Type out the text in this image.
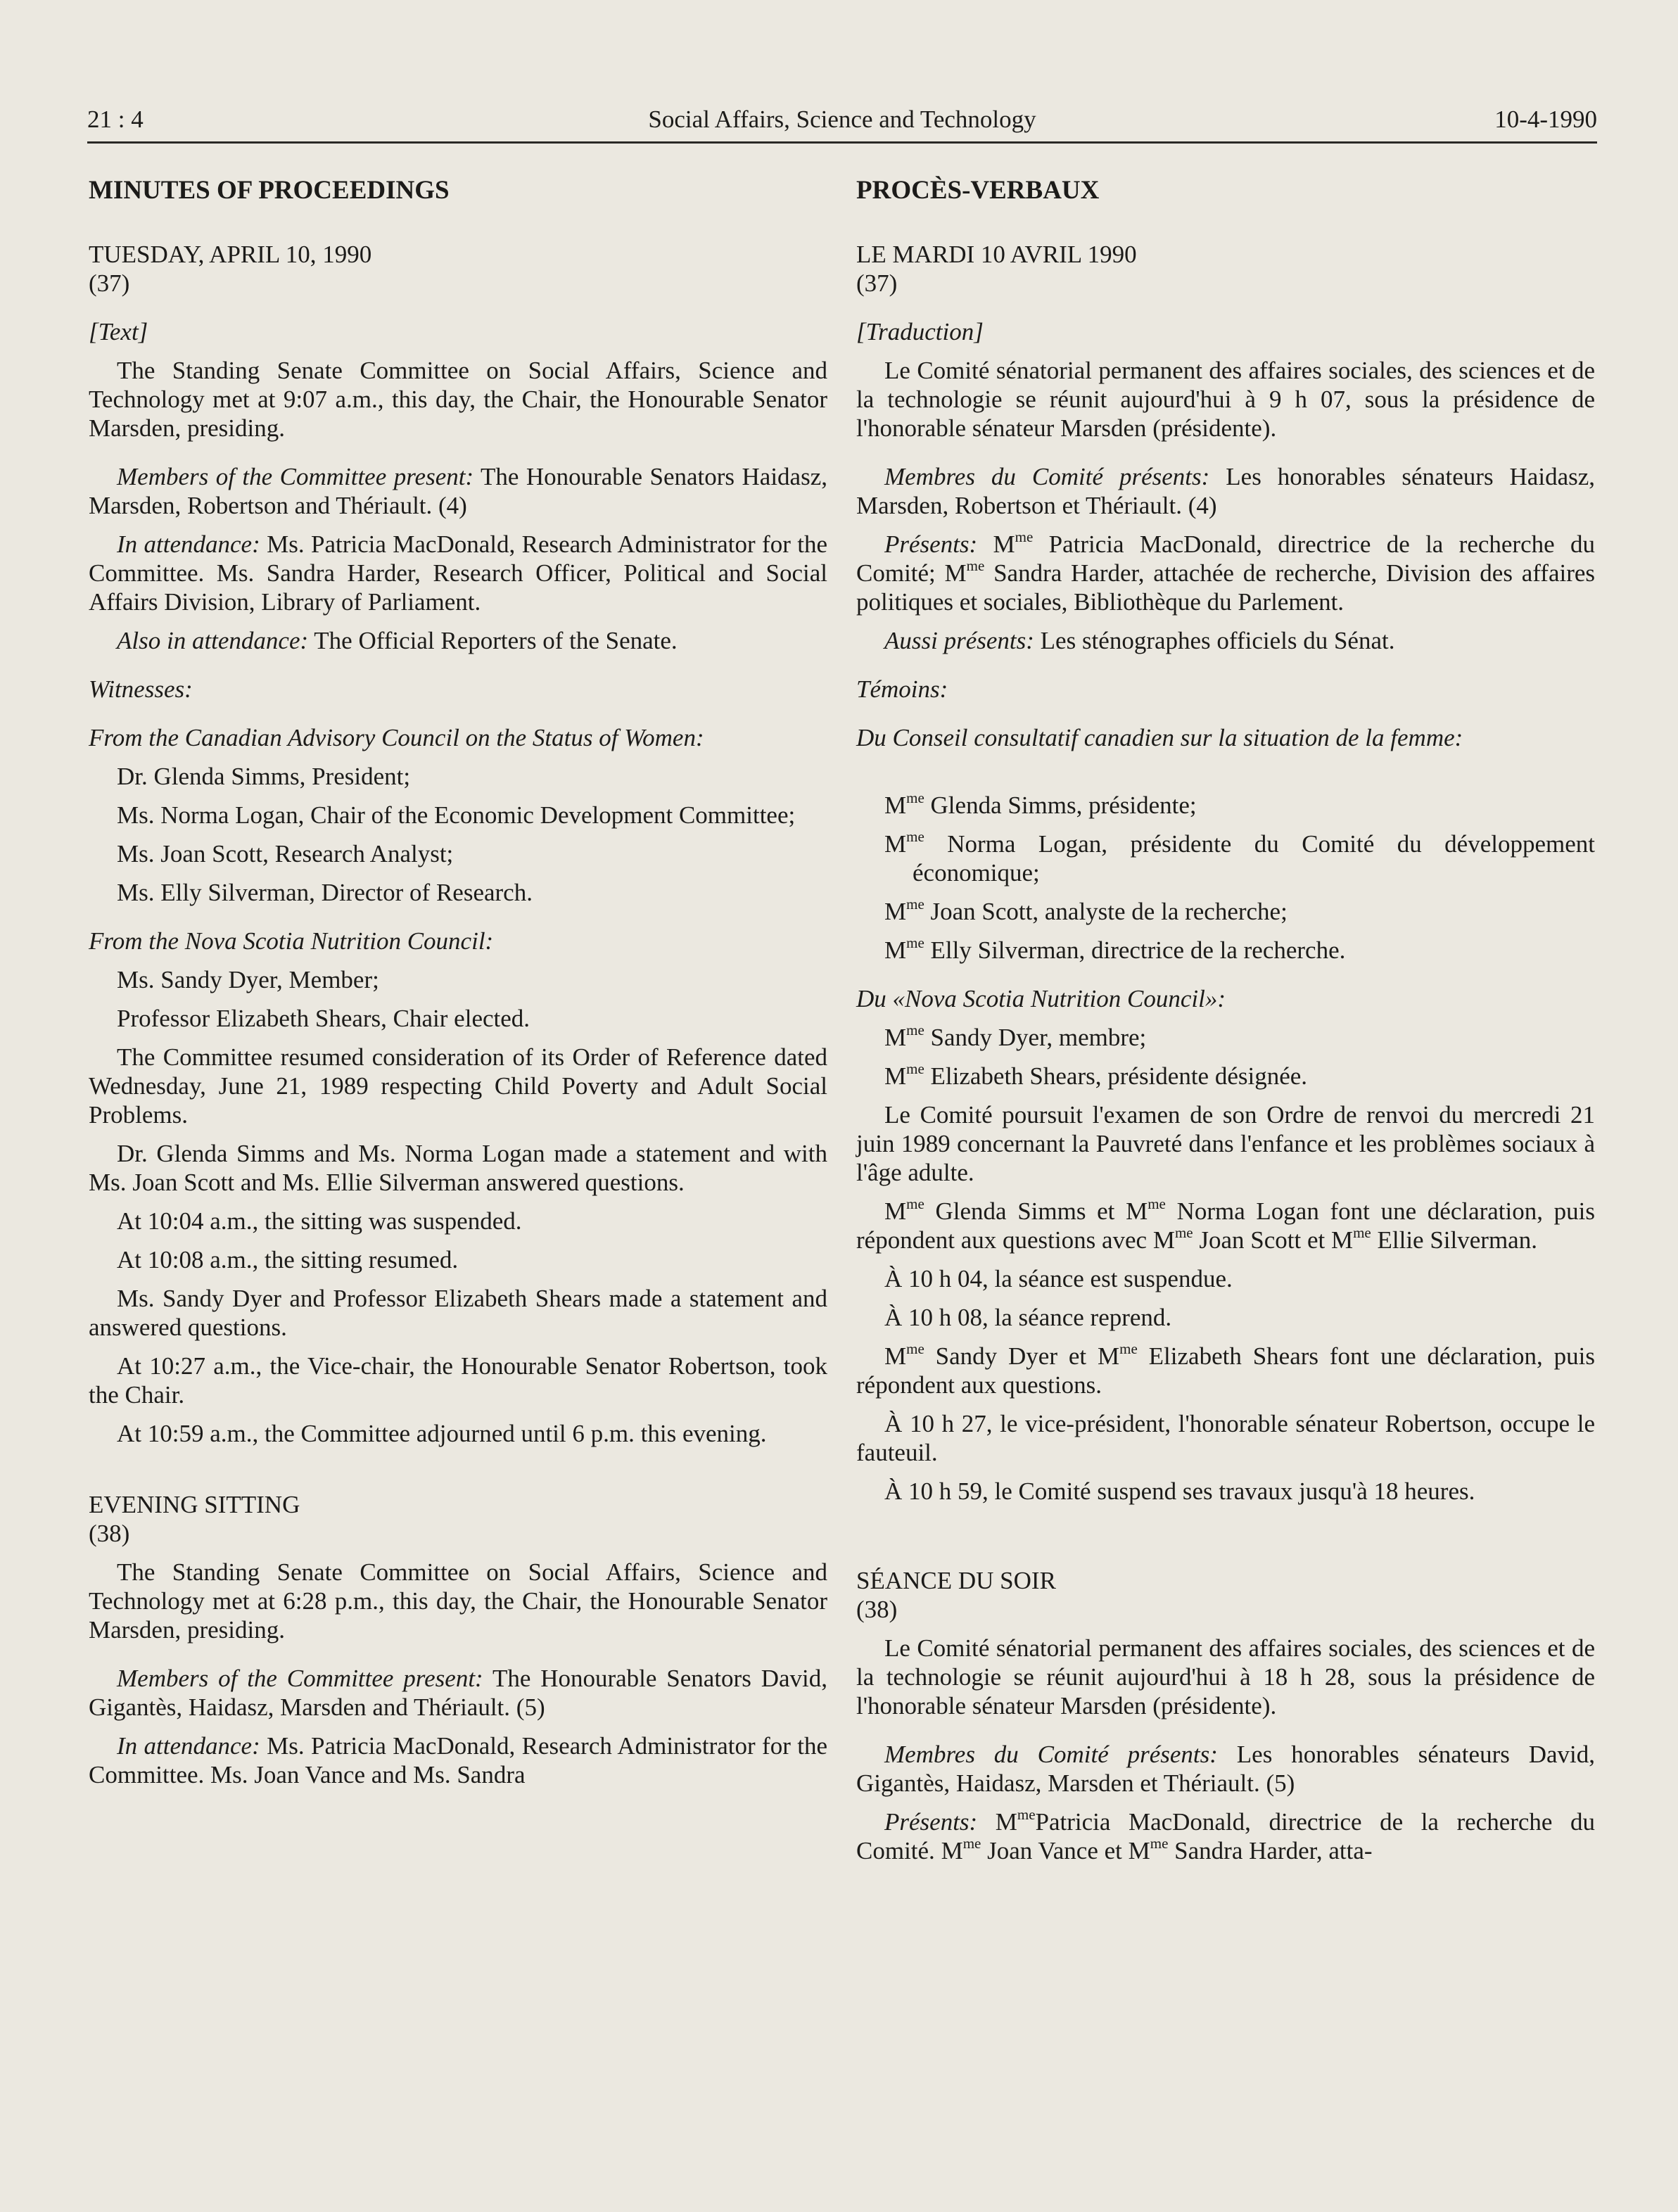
21 : 4	Social Affairs, Science and Technology	10-4-1990

MINUTES OF PROCEEDINGS

TUESDAY, APRIL 10, 1990

(37)

[Text]

The Standing Senate Committee on Social Affairs, Science and Technology met at 9:07 a.m., this day, the Chair, the Honourable Senator Marsden, presiding.

Members of the Committee present: The Honourable Senators Haidasz, Marsden, Robertson and Thériault. (4)

In attendance: Ms. Patricia MacDonald, Research Administrator for the Committee. Ms. Sandra Harder, Research Officer, Political and Social Affairs Division, Library of Parliament.

Also in attendance: The Official Reporters of the Senate.

Witnesses:

From the Canadian Advisory Council on the Status of Women:

Dr. Glenda Simms, President;

Ms. Norma Logan, Chair of the Economic Development Committee;

Ms. Joan Scott, Research Analyst;

Ms. Elly Silverman, Director of Research.

From the Nova Scotia Nutrition Council:

Ms. Sandy Dyer, Member;

Professor Elizabeth Shears, Chair elected.

The Committee resumed consideration of its Order of Reference dated Wednesday, June 21, 1989 respecting Child Poverty and Adult Social Problems.

Dr. Glenda Simms and Ms. Norma Logan made a statement and with Ms. Joan Scott and Ms. Ellie Silverman answered questions.

At 10:04 a.m., the sitting was suspended.

At 10:08 a.m., the sitting resumed.

Ms. Sandy Dyer and Professor Elizabeth Shears made a statement and answered questions.

At 10:27 a.m., the Vice-chair, the Honourable Senator Robertson, took the Chair.

At 10:59 a.m., the Committee adjourned until 6 p.m. this evening.

EVENING SITTING

(38)

The Standing Senate Committee on Social Affairs, Science and Technology met at 6:28 p.m., this day, the Chair, the Honourable Senator Marsden, presiding.

Members of the Committee present: The Honourable Senators David, Gigantès, Haidasz, Marsden and Thériault. (5)

In attendance: Ms. Patricia MacDonald, Research Administrator for the Committee. Ms. Joan Vance and Ms. Sandra

PROCÈS-VERBAUX

LE MARDI 10 AVRIL 1990

(37)

[Traduction]

Le Comité sénatorial permanent des affaires sociales, des sciences et de la technologie se réunit aujourd'hui à 9 h 07, sous la présidence de l'honorable sénateur Marsden (présidente).

Membres du Comité présents: Les honorables sénateurs Haidasz, Marsden, Robertson et Thériault. (4)

Présents: $M^{me}$ Patricia MacDonald, directrice de la recherche du Comité; $M^{me}$ Sandra Harder, attachée de recherche, Division des affaires politiques et sociales, Bibliothèque du Parlement.

Aussi présents: Les sténographes officiels du Sénat.

Témoins:

Du Conseil consultatif canadien sur la situation de la femme:

$M^{me}$ Glenda Simms, présidente;

$M^{me}$ Norma Logan, présidente du Comité du développement économique;

$M^{me}$ Joan Scott, analyste de la recherche;

$M^{me}$ Elly Silverman, directrice de la recherche.

Du «Nova Scotia Nutrition Council»:

$M^{me}$ Sandy Dyer, membre;

$M^{me}$ Elizabeth Shears, présidente désignée.

Le Comité poursuit l'examen de son Ordre de renvoi du mercredi 21 juin 1989 concernant la Pauvreté dans l'enfance et les problèmes sociaux à l'âge adulte.

$M^{me}$ Glenda Simms et $M^{me}$ Norma Logan font une déclaration, puis répondent aux questions avec $M^{me}$ Joan Scott et $M^{me}$ Ellie Silverman.

À 10 h 04, la séance est suspendue.

À 10 h 08, la séance reprend.

$M^{me}$ Sandy Dyer et $M^{me}$ Elizabeth Shears font une déclaration, puis répondent aux questions.

À 10 h 27, le vice-président, l'honorable sénateur Robertson, occupe le fauteuil.

À 10 h 59, le Comité suspend ses travaux jusqu'à 18 heures.

SÉANCE DU SOIR

(38)

Le Comité sénatorial permanent des affaires sociales, des sciences et de la technologie se réunit aujourd'hui à 18 h 28, sous la présidence de l'honorable sénateur Marsden (présidente).

Membres du Comité présents: Les honorables sénateurs David, Gigantès, Haidasz, Marsden et Thériault. (5)

Présents: $M^{me}Patricia$ MacDonald, directrice de la recherche du Comité. $M^{me}$ Joan Vance et $M^{me}$ Sandra Harder, atta-
